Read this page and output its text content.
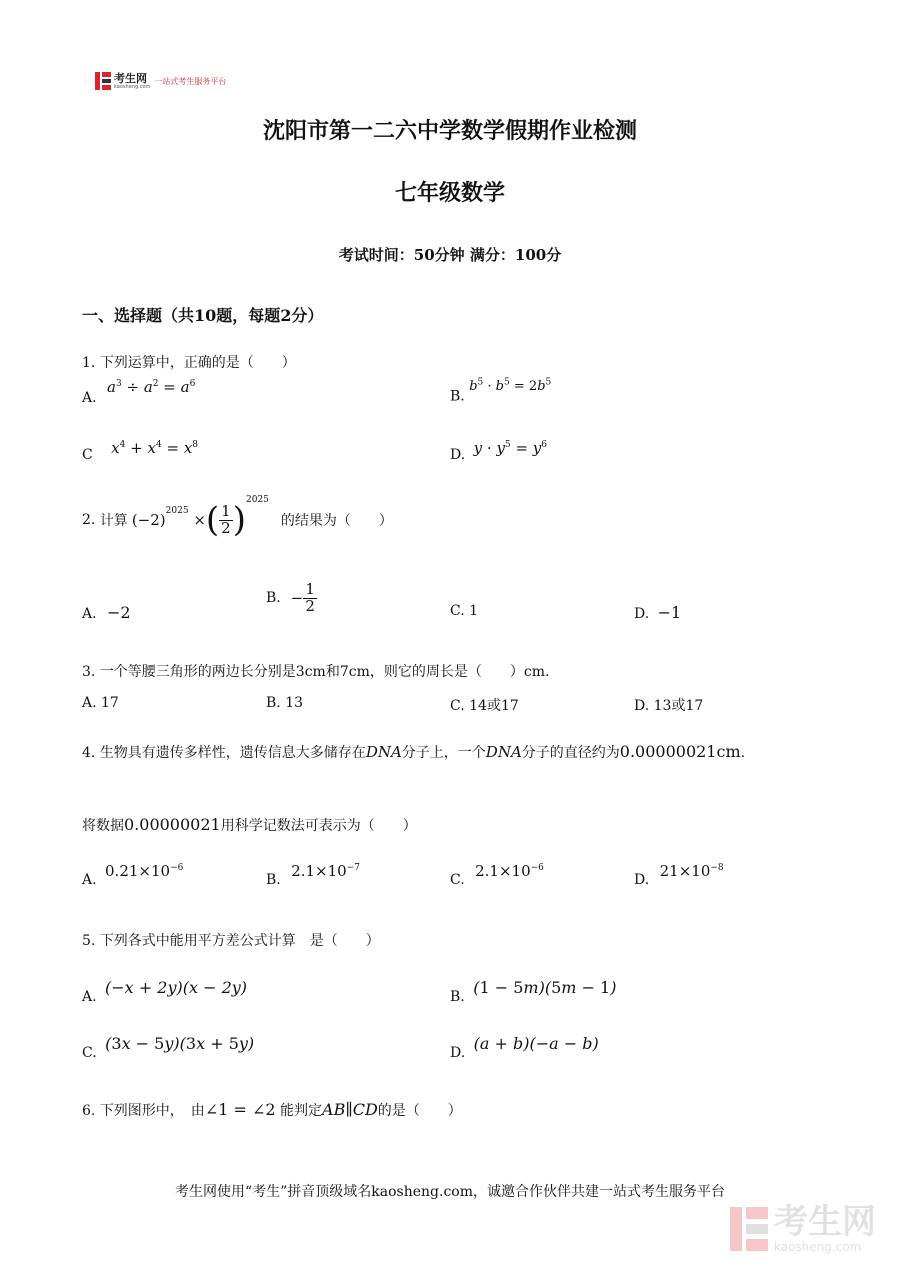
考生网
kaosheng.com
一站式考生服务平台
沈阳市第一二六中学数学假期作业检测
七年级数学
考试时间：50分钟 满分：100分
一、选择题（共10题，每题2分）
1. 下列运算中，正确的是（　　）
A. $a^3 \div a^2 = a^6$
B. $b^5 \cdot b^5 = 2b^5$
C $x^4 + x^4 = x^8$
D. $y \cdot y^5 = y^6$
2.
计算 $(-2)^{2025}$ × ( $\frac{1}{2} )^{2025}$
的结果为（　　）
A. −2
B. − $\frac{1}{2}$	C. 1	D. −1
3. 一个等腰三角形的两边长分别是3cm和7cm，则它的周长是（　　）cm.
A. 17	B. 13	C. 14或17	D. 13或17
4. 生物具有遗传多样性，遗传信息大多储存在DNA分子上，一个DNA分子的直径约为0.00000021cm.
将数据0.00000021用科学记数法可表示为（　　）
A. $0.21\times 10^{-6}$
B. $2.1\times 10^{-7}$
C. $2.1\times 10^{-6}$
D. $21\times 10^{-8}$
5. 下列各式中能用平方差公式计算　是（　　）
A. (−x + 2y)(x − 2y)	B. (1 − 5m)(5m − 1)
C. (3x − 5y)(3x + 5y)	D. (a + b)(−a − b)
6. 下列图形中，　由∠1 = ∠2 能判定AB∥CD的是（　　）
考生网使用“考生”拼音顶级域名kaosheng.com，诚邀合作伙伴共建一站式考生服务平台
考生网
kaosheng.com
